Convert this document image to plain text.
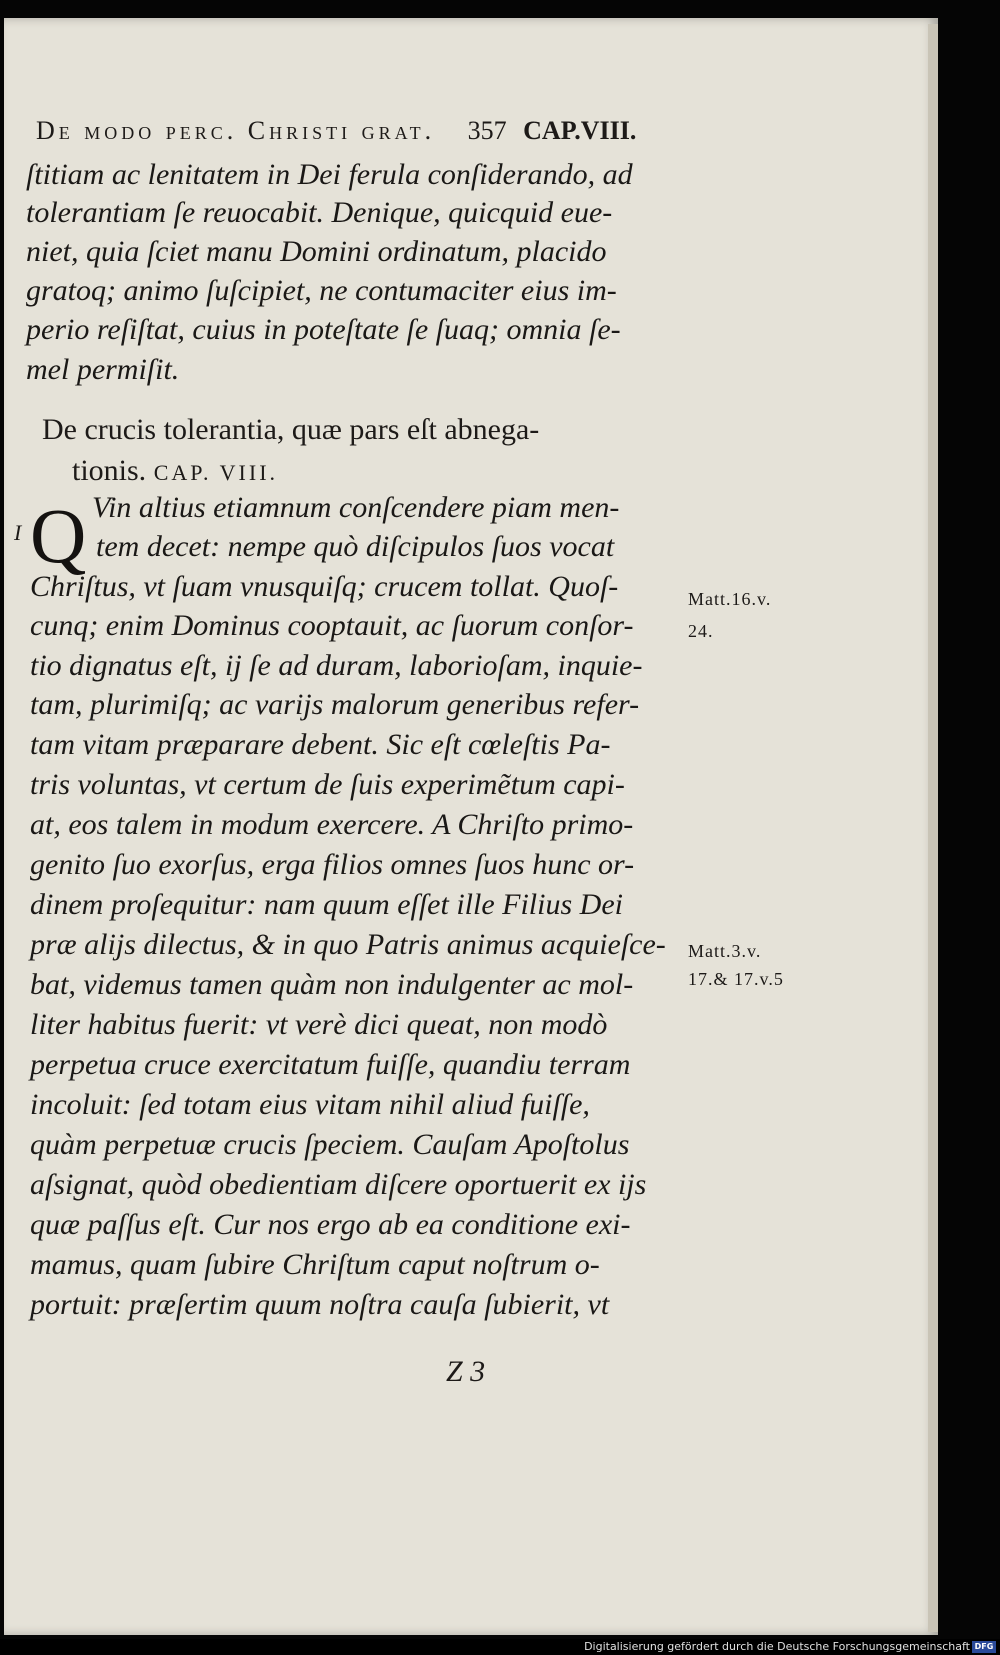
De modo perc. Christi grat. 357 CAP.VIII.
ſtitiam ac lenitatem in Dei ferula conſiderando, ad
tolerantiam ſe reuocabit. Denique, quicquid eue-
niet, quia ſciet manu Domini ordinatum, placido
gratoq; animo ſuſcipiet, ne contumaciter eius im-
perio reſiſtat, cuius in poteſtate ſe ſuaq; omnia ſe-
mel permiſit.
De crucis tolerantia, quæ pars eſt abnega-
tionis. CAP. VIII.
I Q Vin altius etiamnum conſcendere piam men-
tem decet: nempe quò diſcipulos ſuos vocat
Chriſtus, vt ſuam vnusquiſq; crucem tollat. Quoſ-
cunq; enim Dominus cooptauit, ac ſuorum conſor-
tio dignatus eſt, ij ſe ad duram, laborioſam, inquie-
tam, plurimiſq; ac varijs malorum generibus refer-
tam vitam præparare debent. Sic eſt cœleſtis Pa-
tris voluntas, vt certum de ſuis experimẽtum capi-
at, eos talem in modum exercere. A Chriſto primo-
genito ſuo exorſus, erga filios omnes ſuos hunc or-
dinem proſequitur: nam quum eſſet ille Filius Dei
præ alijs dilectus, & in quo Patris animus acquieſce-
bat, videmus tamen quàm non indulgenter ac mol-
liter habitus fuerit: vt verè dici queat, non modò
perpetua cruce exercitatum fuiſſe, quandiu terram
incoluit: ſed totam eius vitam nihil aliud fuiſſe,
quàm perpetuæ crucis ſpeciem. Cauſam Apoſtolus
aſsignat, quòd obedientiam diſcere oportuerit ex ijs
quæ paſſus eſt. Cur nos ergo ab ea conditione exi-
mamus, quam ſubire Chriſtum caput noſtrum o-
portuit: præſertim quum noſtra cauſa ſubierit, vt
Matt.16.v.
24.
Matt.3.v.
17.& 17.v.5
Z 3
Digitalisierung gefördert durch die Deutsche Forschungsgemeinschaft DFG
